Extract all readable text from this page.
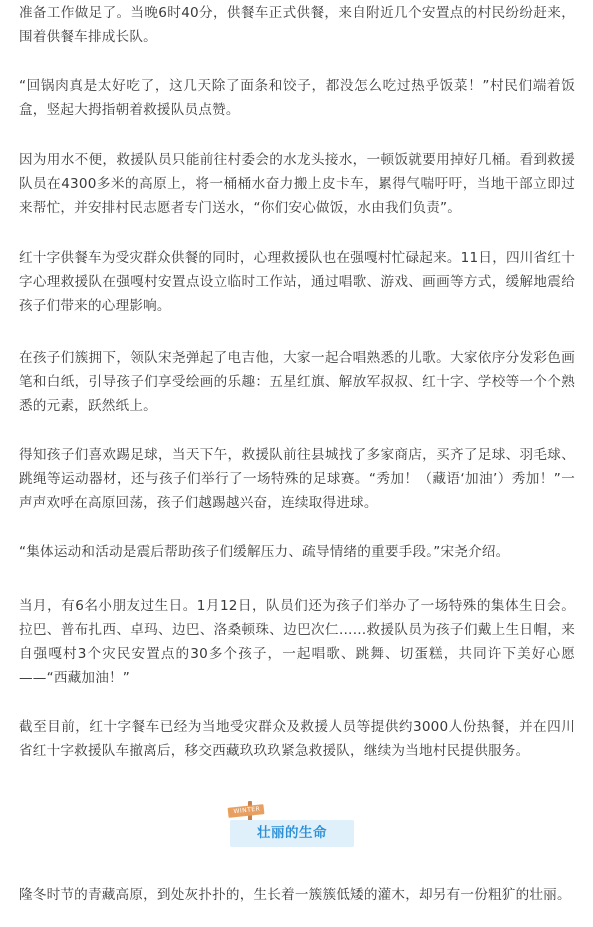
准备工作做足了。当晚6时40分，供餐车正式供餐，来自附近几个安置点的村民纷纷赶来，围着供餐车排成长队。

“回锅肉真是太好吃了，这几天除了面条和饺子，都没怎么吃过热乎饭菜！”村民们端着饭盒，竖起大拇指朝着救援队员点赞。

因为用水不便，救援队员只能前往村委会的水龙头接水，一顿饭就要用掉好几桶。看到救援队员在4300多米的高原上，将一桶桶水奋力搬上皮卡车，累得气喘吁吁，当地干部立即过来帮忙，并安排村民志愿者专门送水，“你们安心做饭，水由我们负责”。

红十字供餐车为受灾群众供餐的同时，心理救援队也在强嘎村忙碌起来。11日，四川省红十字心理救援队在强嘎村安置点设立临时工作站，通过唱歌、游戏、画画等方式，缓解地震给孩子们带来的心理影响。

在孩子们簇拥下，领队宋尧弹起了电吉他，大家一起合唱熟悉的儿歌。大家依序分发彩色画笔和白纸，引导孩子们享受绘画的乐趣：五星红旗、解放军叔叔、红十字、学校等一个个熟悉的元素，跃然纸上。

得知孩子们喜欢踢足球，当天下午，救援队前往县城找了多家商店，买齐了足球、羽毛球、跳绳等运动器材，还与孩子们举行了一场特殊的足球赛。“秀加！（藏语‘加油’）秀加！”一声声欢呼在高原回荡，孩子们越踢越兴奋，连续取得进球。

“集体运动和活动是震后帮助孩子们缓解压力、疏导情绪的重要手段。”宋尧介绍。

当月，有6名小朋友过生日。1月12日，队员们还为孩子们举办了一场特殊的集体生日会。拉巴、普布扎西、卓玛、边巴、洛桑顿珠、边巴次仁……救援队员为孩子们戴上生日帽，来自强嘎村3个灾民安置点的30多个孩子，一起唱歌、跳舞、切蛋糕，共同许下美好心愿——“西藏加油！”

截至目前，红十字餐车已经为当地受灾群众及救援人员等提供约3000人份热餐，并在四川省红十字救援队车撤离后，移交西藏玖玖玖紧急救援队，继续为当地村民提供服务。

WINTER
壮丽的生命

隆冬时节的青藏高原，到处灰扑扑的，生长着一簇簇低矮的灌木，却另有一份粗犷的壮丽。
